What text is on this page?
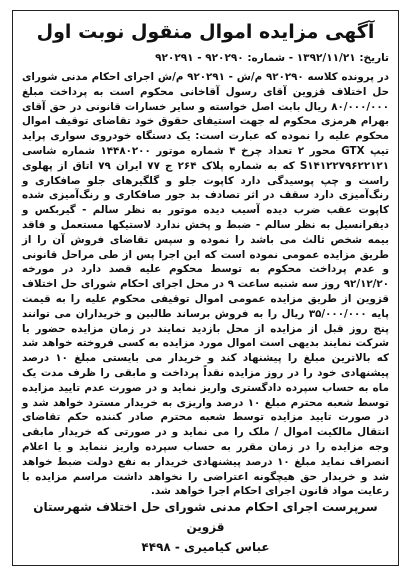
آگهی مزایده اموال منقول نوبت اول
تاریخ: ۱۳۹۲/۱۱/۲۱ - شماره: ۹۲۰۲۹۰ - ۹۲۰۲۹۱

در پرونده کلاسه ۹۲۰۲۹۰ م/ش - ۹۲۰۲۹۱ م/ش اجرای احکام مدنی شورای حل اختلاف قزوین آقای رسول آقاخانی محکوم است به پرداخت مبلغ ۸۰/۰۰۰/۰۰۰ ریال بابت اصل خواسته و سایر خسارات قانونی در حق آقای بهرام هرمزی محکوم له جهت استیفای حقوق خود تقاضای توقیف اموال محکوم علیه را نموده که عبارت است: یک دستگاه خودروی سواری پراید تیپ GTX محور ۲ تعداد چرخ ۴ شماره موتور ۱۴۴۸۰۲۰۰ شماره شاسی S۱۴۱۲۲۷۹۶۲۲۱۲۱ که به شماره پلاک ۲۶۴ ج ۷۷ ایران ۷۹ اتاق از پهلوی راست و چپ پوسیدگی دارد کاپوت جلو و گلگیرهای جلو صافکاری و رنگ‌آمیزی دارد سقف در اثر تصادف بد جور صافکاری و رنگ‌آمیزی شده کاپوت عقب ضرب دیده آسیب دیده موتور به نظر سالم - گیربکس و دیفرانسیل به نظر سالم - ضبط و پخش ندارد لاستیکها مستعمل و فاقد بیمه شخص ثالث می باشد را نموده و سپس تقاضای فروش آن را از طریق مزایده عمومی نموده است که این اجرا پس از طی مراحل قانونی و عدم پرداخت محکوم به توسط محکوم علیه قصد دارد در مورخه ۹۲/۱۲/۲۰ روز سه شنبه ساعت ۹ در محل اجرای احکام شورای حل اختلاف قزوین از طریق مزایده عمومی اموال توقیفی محکوم علیه را به قیمت پایه ۳۵/۰۰۰/۰۰۰ ریال را به فروش برساند طالبین و خریداران می توانند پنج روز قبل از مزایده از محل بازدید نمایند در زمان مزایده حضور یا شرکت نمایند بدیهی است اموال مورد مزایده به کسی فروخته خواهد شد که بالاترین مبلغ را پیشنهاد کند و خریدار می بایستی مبلغ ۱۰ درصد پیشنهادی خود را در روز مزایده نقداً پرداخت و مابقی را ظرف مدت یک ماه به حساب سپرده دادگستری واریز نماید و در صورت عدم تایید مزایده توسط شعبه محترم مبلغ ۱۰ درصد واریزی به خریدار مسترد خواهد شد و در صورت تایید مزایده توسط شعبه محترم صادر کننده حکم تقاضای انتقال مالکیت اموال / ملک را می نماید و در صورتی که خریدار مابقی وجه مزایده را در زمان مقرر به حساب سپرده واریز ننماید و یا اعلام انصراف نماید مبلغ ۱۰ درصد پیشنهادی خریدار به نفع دولت ضبط خواهد شد و خریدار حق هیچگونه اعتراضی را نخواهد داشت مراسم مزایده با رعایت مواد قانون اجرای احکام اجرا خواهد شد.

سرپرست اجرای احکام مدنی شورای حل اختلاف شهرستان قزوین
عباس کیامیری - ۴۴۹۸
